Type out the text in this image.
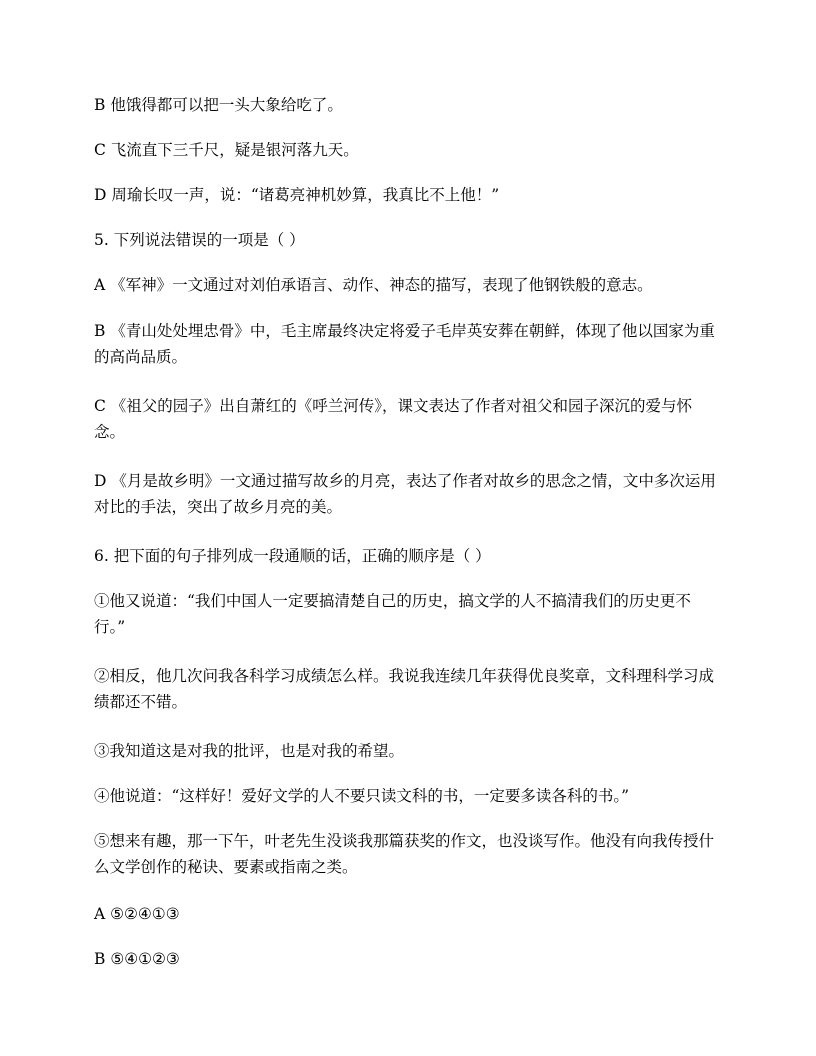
B 他饿得都可以把一头大象给吃了。

C 飞流直下三千尺，疑是银河落九天。

D 周瑜长叹一声，说：“诸葛亮神机妙算，我真比不上他！”

5. 下列说法错误的一项是（ ）

A 《军神》一文通过对刘伯承语言、动作、神态的描写，表现了他钢铁般的意志。

B 《青山处处埋忠骨》中，毛主席最终决定将爱子毛岸英安葬在朝鲜，体现了他以国家为重的高尚品质。

C 《祖父的园子》出自萧红的《呼兰河传》，课文表达了作者对祖父和园子深沉的爱与怀念。

D 《月是故乡明》一文通过描写故乡的月亮，表达了作者对故乡的思念之情，文中多次运用对比的手法，突出了故乡月亮的美。

6. 把下面的句子排列成一段通顺的话，正确的顺序是（ ）

①他又说道：“我们中国人一定要搞清楚自己的历史，搞文学的人不搞清我们的历史更不行。”

②相反，他几次问我各科学习成绩怎么样。我说我连续几年获得优良奖章，文科理科学习成绩都还不错。

③我知道这是对我的批评，也是对我的希望。

④他说道：“这样好！爱好文学的人不要只读文科的书，一定要多读各科的书。”

⑤想来有趣，那一下午，叶老先生没谈我那篇获奖的作文，也没谈写作。他没有向我传授什么文学创作的秘诀、要素或指南之类。

A ⑤②④①③

B ⑤④①②③
